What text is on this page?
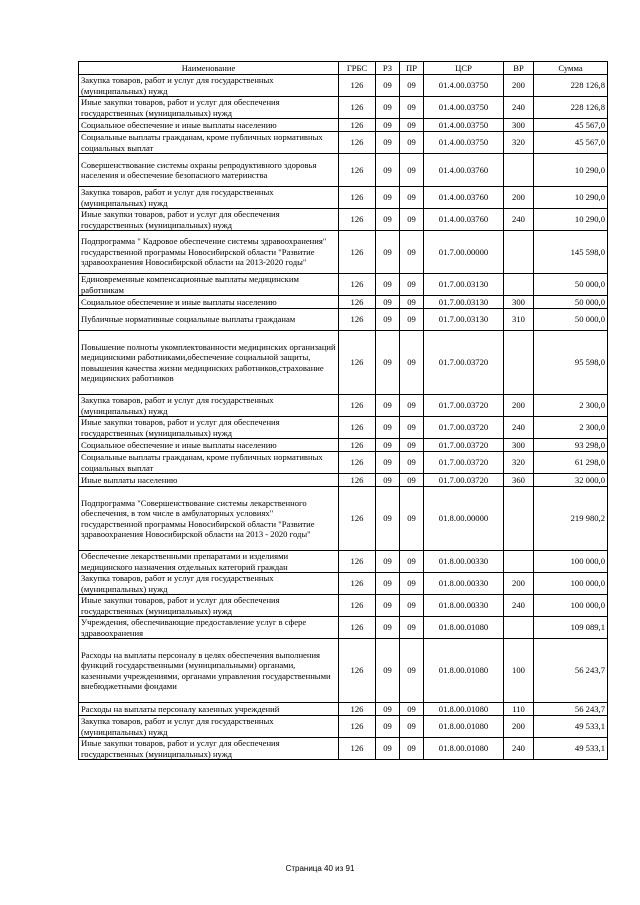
Наименование	ГРБС	РЗ	ПР	ЦСР	ВР	Сумма
Закупка товаров, работ и услуг для государственных (муниципальных) нужд	126	09	09	01.4.00.03750	200	228 126,8
Иные закупки товаров, работ и услуг для обеспечения государственных (муниципальных) нужд	126	09	09	01.4.00.03750	240	228 126,8
Социальное обеспечение и иные выплаты населению	126	09	09	01.4.00.03750	300	45 567,0
Социальные выплаты гражданам, кроме публичных нормативных социальных выплат	126	09	09	01.4.00.03750	320	45 567,0
Совершенствование системы охраны репродуктивного здоровья населения и обеспечение безопасного материнства	126	09	09	01.4.00.03760		10 290,0
Закупка товаров, работ и услуг для государственных (муниципальных) нужд	126	09	09	01.4.00.03760	200	10 290,0
Иные закупки товаров, работ и услуг для обеспечения государственных (муниципальных) нужд	126	09	09	01.4.00.03760	240	10 290,0
Подпрограмма " Кадровое обеспечение системы здравоохранения" государственной программы Новосибирской области "Развитие здравоохранения Новосибирской области на 2013-2020 годы"	126	09	09	01.7.00.00000		145 598,0
Единовременные компенсационные выплаты медицинским работникам	126	09	09	01.7.00.03130		50 000,0
Социальное обеспечение и иные выплаты населению	126	09	09	01.7.00.03130	300	50 000,0
Публичные нормативные социальные выплаты гражданам	126	09	09	01.7.00.03130	310	50 000,0
Повышение полноты укомплектованности медицинских организаций медицинскими работниками,обеспечение социальной защиты, повышения качества жизни медицинских работников,страхование медицинских работников	126	09	09	01.7.00.03720		95 598,0
Закупка товаров, работ и услуг для государственных (муниципальных) нужд	126	09	09	01.7.00.03720	200	2 300,0
Иные закупки товаров, работ и услуг для обеспечения государственных (муниципальных) нужд	126	09	09	01.7.00.03720	240	2 300,0
Социальное обеспечение и иные выплаты населению	126	09	09	01.7.00.03720	300	93 298,0
Социальные выплаты гражданам, кроме публичных нормативных социальных выплат	126	09	09	01.7.00.03720	320	61 298,0
Иные выплаты населению	126	09	09	01.7.00.03720	360	32 000,0
Подпрограмма "Совершенствование системы лекарственного обеспечения, в том числе в амбулаторных условиях" государственной программы Новосибирской области "Развитие здравоохранения Новосибирской области на 2013 - 2020 годы"	126	09	09	01.8.00.00000		219 980,2
Обеспечение лекарственными препаратами и изделиями медицинского назначения отдельных категорий граждан	126	09	09	01.8.00.00330		100 000,0
Закупка товаров, работ и услуг для государственных (муниципальных) нужд	126	09	09	01.8.00.00330	200	100 000,0
Иные закупки товаров, работ и услуг для обеспечения государственных (муниципальных) нужд	126	09	09	01.8.00.00330	240	100 000,0
Учреждения, обеспечивающие предоставление услуг в сфере здравоохранения	126	09	09	01.8.00.01080		109 089,1
Расходы на выплаты персоналу в целях обеспечения выполнения функций государственными (муниципальными) органами, казенными учреждениями, органами управления государственными внебюджетными фондами	126	09	09	01.8.00.01080	100	56 243,7
Расходы на выплаты персоналу казенных учреждений	126	09	09	01.8.00.01080	110	56 243,7
Закупка товаров, работ и услуг для государственных (муниципальных) нужд	126	09	09	01.8.00.01080	200	49 533,1
Иные закупки товаров, работ и услуг для обеспечения государственных (муниципальных) нужд	126	09	09	01.8.00.01080	240	49 533,1
Страница 40 из 91
